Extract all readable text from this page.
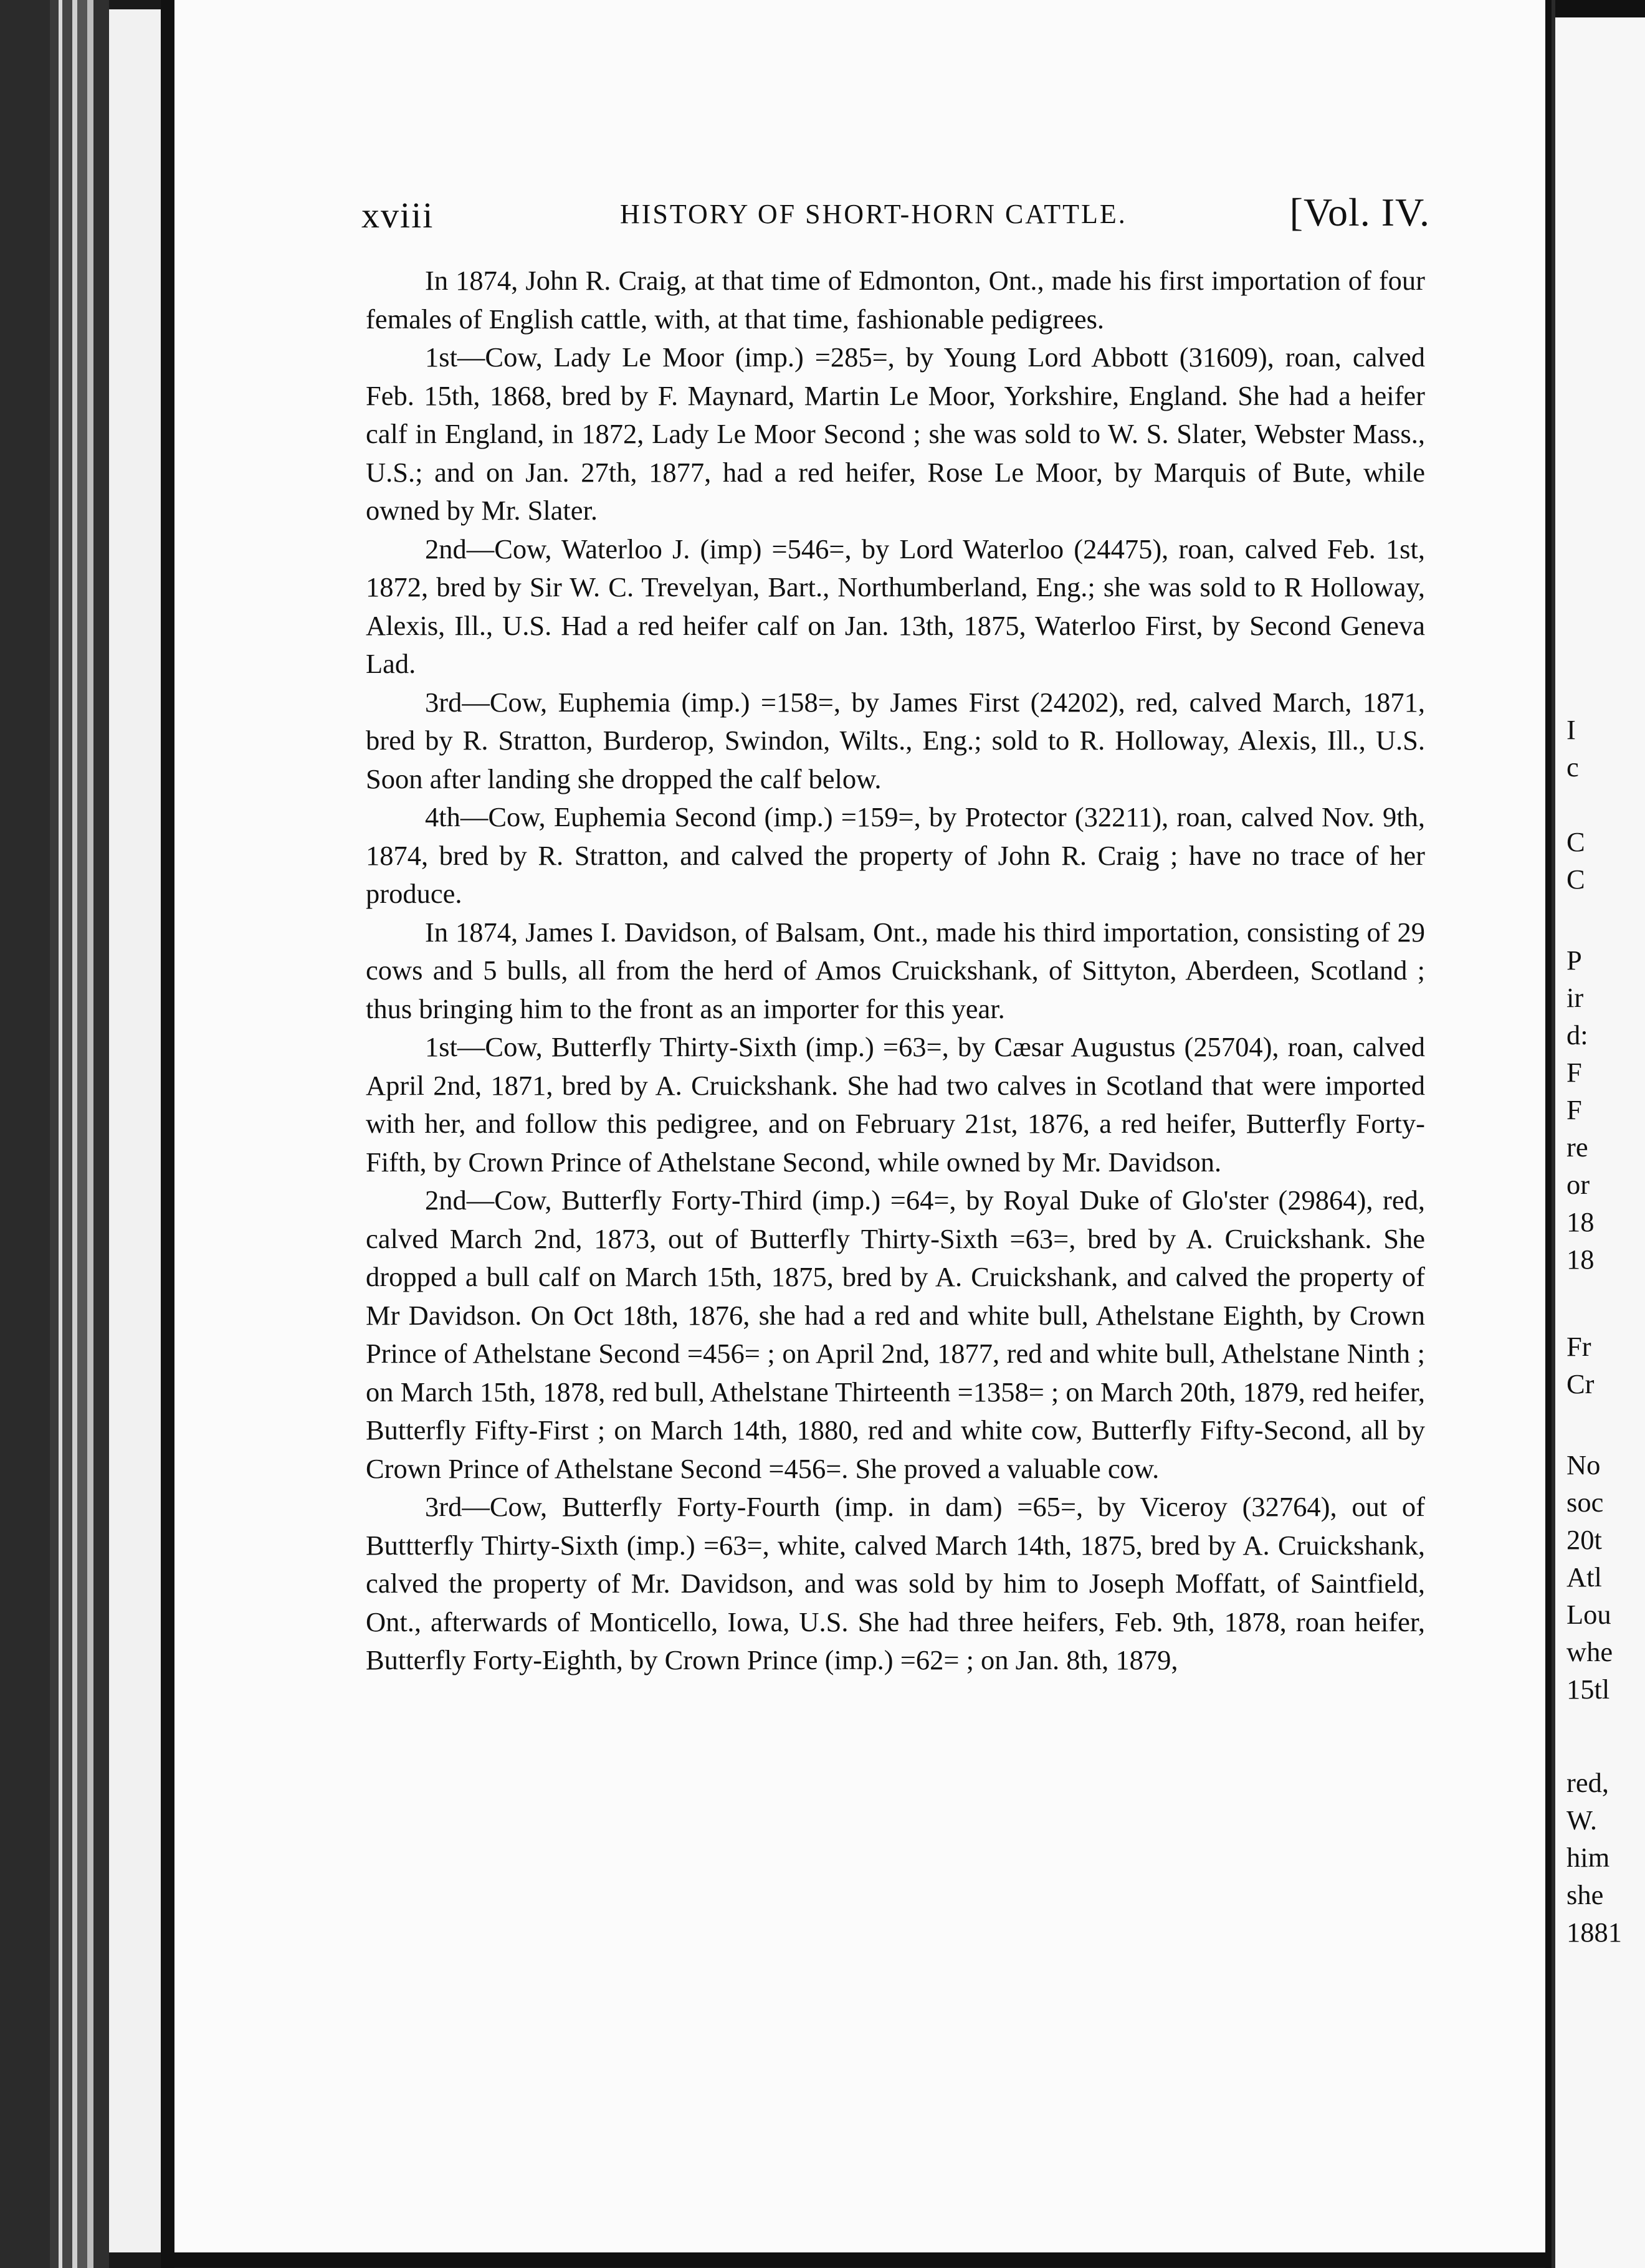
xviii	HISTORY OF SHORT-HORN CATTLE.	[Vol. IV.

In 1874, John R. Craig, at that time of Edmonton, Ont., made his first importation of four females of English cattle, with, at that time, fashionable pedigrees.

1st—Cow, Lady Le Moor (imp.) =285=, by Young Lord Abbott (31609), roan, calved Feb. 15th, 1868, bred by F. Maynard, Martin Le Moor, Yorkshire, England. She had a heifer calf in England, in 1872, Lady Le Moor Second ; she was sold to W. S. Slater, Webster Mass., U.S.; and on Jan. 27th, 1877, had a red heifer, Rose Le Moor, by Marquis of Bute, while owned by Mr. Slater.

2nd—Cow, Waterloo J. (imp) =546=, by Lord Waterloo (24475), roan, calved Feb. 1st, 1872, bred by Sir W. C. Trevelyan, Bart., Northumberland, Eng.; she was sold to R Holloway, Alexis, Ill., U.S. Had a red heifer calf on Jan. 13th, 1875, Waterloo First, by Second Geneva Lad.

3rd—Cow, Euphemia (imp.) =158=, by James First (24202), red, calved March, 1871, bred by R. Stratton, Burderop, Swindon, Wilts., Eng.; sold to R. Holloway, Alexis, Ill., U.S. Soon after landing she dropped the calf below.

4th—Cow, Euphemia Second (imp.) =159=, by Protector (32211), roan, calved Nov. 9th, 1874, bred by R. Stratton, and calved the property of John R. Craig ; have no trace of her produce.

In 1874, James I. Davidson, of Balsam, Ont., made his third importation, consisting of 29 cows and 5 bulls, all from the herd of Amos Cruickshank, of Sittyton, Aberdeen, Scotland ; thus bringing him to the front as an importer for this year.

1st—Cow, Butterfly Thirty-Sixth (imp.) =63=, by Cæsar Augustus (25704), roan, calved April 2nd, 1871, bred by A. Cruickshank. She had two calves in Scotland that were imported with her, and follow this pedigree, and on February 21st, 1876, a red heifer, Butterfly Forty-Fifth, by Crown Prince of Athelstane Second, while owned by Mr. Davidson.

2nd—Cow, Butterfly Forty-Third (imp.) =64=, by Royal Duke of Glo'ster (29864), red, calved March 2nd, 1873, out of Butterfly Thirty-Sixth =63=, bred by A. Cruickshank. She dropped a bull calf on March 15th, 1875, bred by A. Cruickshank, and calved the property of Mr Davidson. On Oct 18th, 1876, she had a red and white bull, Athelstane Eighth, by Crown Prince of Athelstane Second =456= ; on April 2nd, 1877, red and white bull, Athelstane Ninth ; on March 15th, 1878, red bull, Athelstane Thirteenth =1358= ; on March 20th, 1879, red heifer, Butterfly Fifty-First ; on March 14th, 1880, red and white cow, Butterfly Fifty-Second, all by Crown Prince of Athelstane Second =456=. She proved a valuable cow.

3rd—Cow, Butterfly Forty-Fourth (imp. in dam) =65=, by Viceroy (32764), out of Buttterfly Thirty-Sixth (imp.) =63=, white, calved March 14th, 1875, bred by A. Cruickshank, calved the property of Mr. Davidson, and was sold by him to Joseph Moffatt, of Saintfield, Ont., afterwards of Monticello, Iowa, U.S. She had three heifers, Feb. 9th, 1878, roan heifer, Butterfly Forty-Eighth, by Crown Prince (imp.) =62= ; on Jan. 8th, 1879,

I
c
C
C
P
ir
d:
F
F
re
or
18
18
Fr
Cr
No
soc
20t
Atl
Lou
whe
15tl
red,
W.
him
she
1881
